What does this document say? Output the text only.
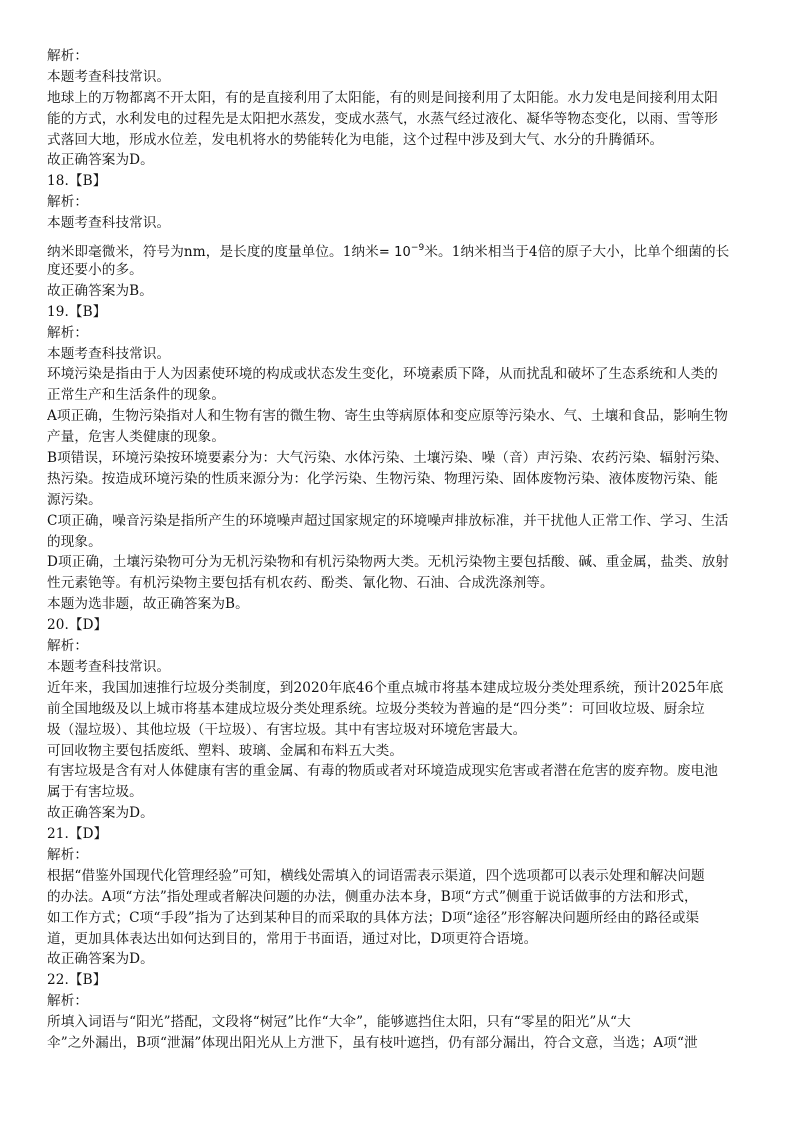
解析：
本题考查科技常识。
地球上的万物都离不开太阳，有的是直接利用了太阳能，有的则是间接利用了太阳能。水力发电是间接利用太阳
能的方式，水利发电的过程先是太阳把水蒸发，变成水蒸气，水蒸气经过液化、凝华等物态变化，以雨、雪等形
式落回大地，形成水位差，发电机将水的势能转化为电能，这个过程中涉及到大气、水分的升腾循环。
故正确答案为D。
18.【B】
解析：
本题考查科技常识。
纳米即毫微米，符号为nm，是长度的度量单位。1纳米= $10^{-9}$米。1纳米相当于4倍的原子大小，比单个细菌的长
度还要小的多。
故正确答案为B。
19.【B】
解析：
本题考查科技常识。
环境污染是指由于人为因素使环境的构成或状态发生变化，环境素质下降，从而扰乱和破坏了生态系统和人类的
正常生产和生活条件的现象。
A项正确，生物污染指对人和生物有害的微生物、寄生虫等病原体和变应原等污染水、气、土壤和食品，影响生物
产量，危害人类健康的现象。
B项错误，环境污染按环境要素分为：大气污染、水体污染、土壤污染、噪（音）声污染、农药污染、辐射污染、
热污染。按造成环境污染的性质来源分为：化学污染、生物污染、物理污染、固体废物污染、液体废物污染、能
源污染。
C项正确，噪音污染是指所产生的环境噪声超过国家规定的环境噪声排放标准，并干扰他人正常工作、学习、生活
的现象。
D项正确，土壤污染物可分为无机污染物和有机污染物两大类。无机污染物主要包括酸、碱、重金属，盐类、放射
性元素铯等。有机污染物主要包括有机农药、酚类、氰化物、石油、合成洗涤剂等。
本题为选非题，故正确答案为B。
20.【D】
解析：
本题考查科技常识。
近年来，我国加速推行垃圾分类制度，到2020年底46个重点城市将基本建成垃圾分类处理系统，预计2025年底
前全国地级及以上城市将基本建成垃圾分类处理系统。垃圾分类较为普遍的是“四分类”：可回收垃圾、厨余垃
圾（湿垃圾）、其他垃圾（干垃圾）、有害垃圾。其中有害垃圾对环境危害最大。
可回收物主要包括废纸、塑料、玻璃、金属和布料五大类。
有害垃圾是含有对人体健康有害的重金属、有毒的物质或者对环境造成现实危害或者潜在危害的废弃物。废电池
属于有害垃圾。
故正确答案为D。
21.【D】
解析：
根据“借鉴外国现代化管理经验”可知，横线处需填入的词语需表示渠道，四个选项都可以表示处理和解决问题
的办法。A项“方法”指处理或者解决问题的办法，侧重办法本身，B项“方式”侧重于说话做事的方法和形式，
如工作方式；C项“手段”指为了达到某种目的而采取的具体方法；D项“途径”形容解决问题所经由的路径或渠
道，更加具体表达出如何达到目的，常用于书面语，通过对比，D项更符合语境。
故正确答案为D。
22.【B】
解析：
所填入词语与“阳光”搭配，文段将“树冠”比作“大伞”，能够遮挡住太阳，只有“零星的阳光”从“大
伞”之外漏出，B项“泄漏”体现出阳光从上方泄下，虽有枝叶遮挡，仍有部分漏出，符合文意，当选；A项“泄
